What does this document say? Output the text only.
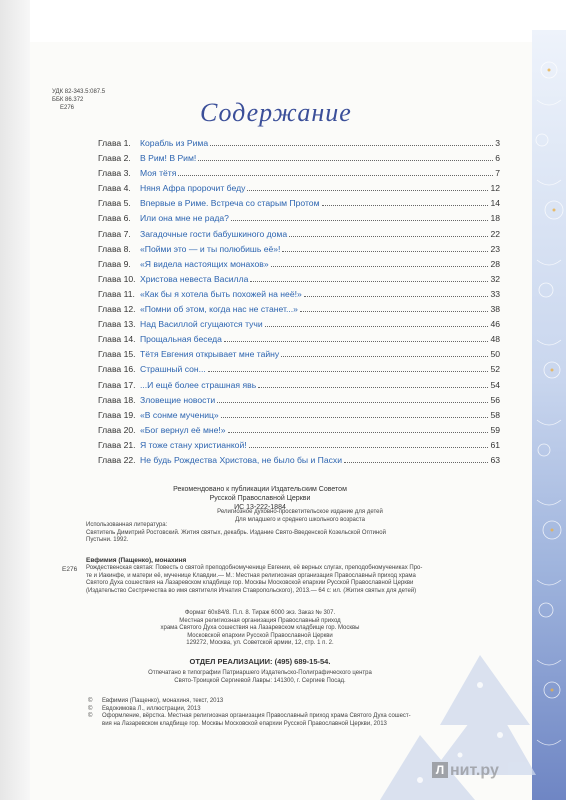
УДК 82-343.5:087.5
ББК 86.372
Е276	Содержание
Глава 1.	Корабль из Рима	3
Глава 2.	В Рим! В Рим!	6
Глава 3.	Моя тётя	7
Глава 4.	Няня Афра пророчит беду	12
Глава 5.	Впервые в Риме. Встреча со старым Протом	14
Глава 6.	Или она мне не рада?	18
Глава 7.	Загадочные гости бабушкиного дома	22
Глава 8.	«Пойми это — и ты полюбишь её»!	23
Глава 9.	«Я видела настоящих монахов»	28
Глава 10. Христова невеста Василла	32
Глава 11. «Как бы я хотела быть похожей на неё!»	33
Глава 12. «Помни об этом, когда нас не станет...»	38
Глава 13. Над Василлой сгущаются тучи	46
Глава 14. Прощальная беседа	48
Глава 15. Тётя Евгения открывает мне тайну	50
Глава 16. Страшный сон...	52
Глава 17. ...И ещё более страшная явь	54
Глава 18. Зловещие новости	56
Глава 19. «В сонме мучениц»	58
Глава 20. «Бог вернул её мне!»	59
Глава 21. Я тоже стану христианкой!	61
Глава 22. Не будь Рождества Христова, не было бы и Пасхи	63
Рекомендовано к публикации Издательским Советом
Русской Православной Церкви
ИС 13-222-1884
Религиозное духовно-просветительское издание для детей
Для младшего и среднего школьного возраста

Использованная литература:

Святитель Димитрий Ростовский. Жития святых, декабрь. Издание Свято-Введенской Козельской Оптиной

Пустыни. 1992.

Е276
Евфимия (Пащенко), монахиня
Рождественская святая: Повесть о святой преподобномученице Евгении, её верных слугах, преподобномучениках Про-
те и Иакинфе, и матери её, мученице Клавдии.— М.: Местная религиозная организация Православный приход храма
Святого Духа сошествия на Лазаревском кладбище гор. Москвы Московской епархии Русской Православной Церкви
(Издательство Сестричества во имя святителя Игнатия Ставропольского), 2013.— 64 с: ил. (Жития святых для детей)
Формат 60x84/8. П.л. 8. Тираж 6000 экз. Заказ № 307.
Местная религиозная организация Православный приход
храма Святого Духа сошествия на Лазаревском кладбище гор. Москвы
Московской епархии Русской Православной Церкви
129272, Москва, ул. Советской армии, 12, стр. 1 п. 2.
ОТДЕЛ РЕАЛИЗАЦИИ: (495) 689-15-54.
Отпечатано в типографии Патриаршего Издательско-Полиграфического центра
Свято-Троицкой Сергиевой Лавры: 141300, г. Сергиев Посад.
©	Евфимия (Пащенко), монахиня, текст, 2013
©	Евдокимова Л., иллюстрации, 2013
©	Оформление, вёрстка. Местная религиозная организация Православный приход храма Святого Духа сошест-
вия на Лазаревском кладбище гор. Москвы Московской епархии Русской Православной Церкви, 2013
Л нит.ру
